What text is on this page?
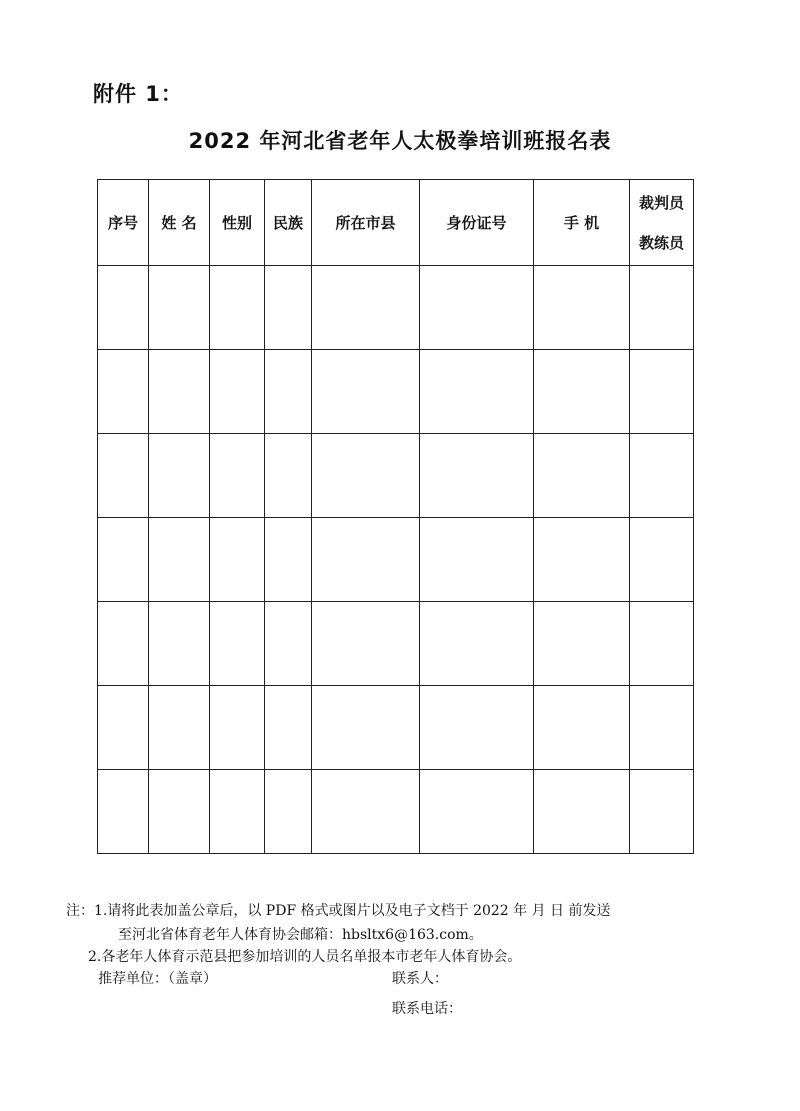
附件 1：
2022 年河北省老年人太极拳培训班报名表
序号	姓 名	性别	民族	所在市县	身份证号	手 机	裁判员
教练员

注：1.请将此表加盖公章后，以 PDF 格式或图片以及电子文档于 2022 年 月 日 前发送
至河北省体育老年人体育协会邮箱：hbsltx6@163.com。
2.各老年人体育示范县把参加培训的人员名单报本市老年人体育协会。
推荐单位：（盖章）	联系人：
联系电话：
